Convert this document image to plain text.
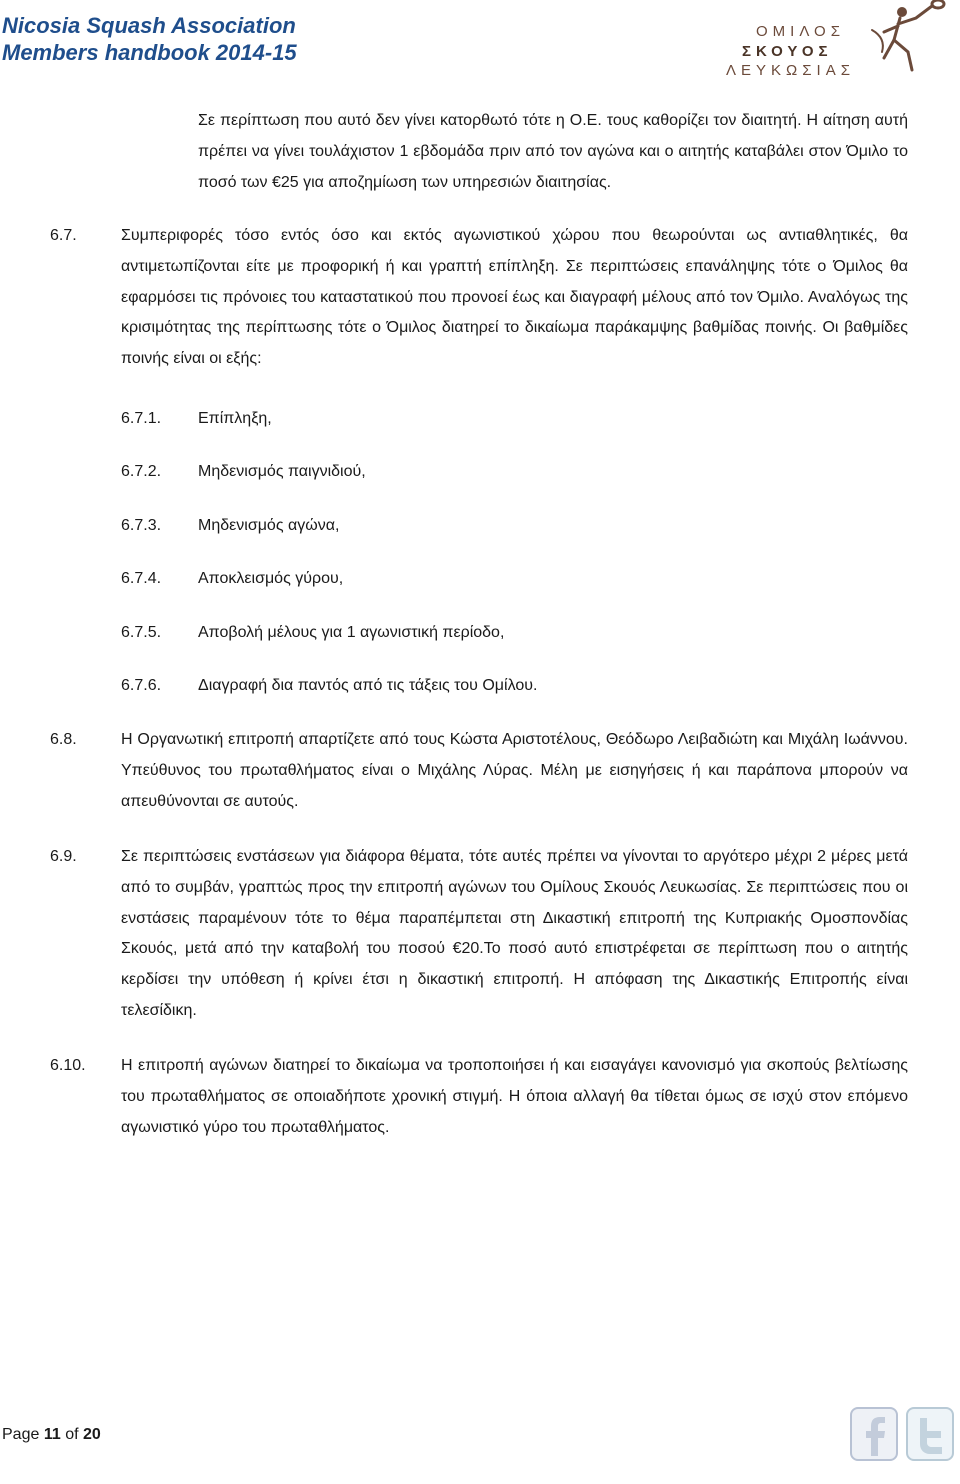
Nicosia Squash Association
Members handbook 2014-15
ΟΜΙΛΟΣ
ΣΚΟΥΟΣ
ΛΕΥΚΩΣΙΑΣ
Σε περίπτωση που αυτό δεν γίνει κατορθωτό τότε η Ο.Ε. τους καθορίζει τον διαιτητή. Η αίτηση αυτή πρέπει να γίνει τουλάχιστον 1 εβδομάδα πριν από τον αγώνα και ο αιτητής καταβάλει στον Όμιλο το ποσό των €25 για αποζημίωση των υπηρεσιών διαιτησίας.
6.7.	Συμπεριφορές τόσο εντός όσο και εκτός αγωνιστικού χώρου που θεωρούνται ως αντιαθλητικές, θα αντιμετωπίζονται είτε με προφορική ή και γραπτή επίπληξη. Σε περιπτώσεις επανάληψης τότε ο Όμιλος θα εφαρμόσει τις πρόνοιες του καταστατικού που προνοεί έως και διαγραφή μέλους από τον Όμιλο. Αναλόγως της κρισιμότητας της περίπτωσης τότε ο Όμιλος διατηρεί το δικαίωμα παράκαμψης βαθμίδας ποινής. Οι βαθμίδες ποινής είναι οι εξής:
6.7.1. Επίπληξη,
6.7.2. Μηδενισμός παιγνιδιού,
6.7.3. Μηδενισμός αγώνα,
6.7.4. Αποκλεισμός γύρου,
6.7.5. Αποβολή μέλους για 1 αγωνιστική περίοδο,
6.7.6. Διαγραφή δια παντός από τις τάξεις του Ομίλου.
6.8.	Η Οργανωτική επιτροπή απαρτίζετε από τους Κώστα Αριστοτέλους, Θεόδωρο Λειβαδιώτη και Μιχάλη Ιωάννου. Υπεύθυνος του πρωταθλήματος είναι ο Μιχάλης Λύρας. Μέλη με εισηγήσεις ή και παράπονα μπορούν να απευθύνονται σε αυτούς.
6.9.	Σε περιπτώσεις ενστάσεων για διάφορα θέματα, τότε αυτές πρέπει να γίνονται το αργότερο μέχρι 2 μέρες μετά από το συμβάν, γραπτώς προς την επιτροπή αγώνων του Ομίλους Σκουός Λευκωσίας. Σε περιπτώσεις που οι ενστάσεις παραμένουν τότε το θέμα παραπέμπεται στη Δικαστική επιτροπή της Κυπριακής Ομοσπονδίας Σκουός, μετά από την καταβολή του ποσού €20.Το ποσό αυτό επιστρέφεται σε περίπτωση που ο αιτητής κερδίσει την υπόθεση ή κρίνει έτσι η δικαστική επιτροπή. Η απόφαση της Δικαστικής Επιτροπής είναι τελεσίδικη.
6.10. Η επιτροπή αγώνων διατηρεί το δικαίωμα να τροποποιήσει ή και εισαγάγει κανονισμό για σκοπούς βελτίωσης του πρωταθλήματος σε οποιαδήποτε χρονική στιγμή. Η όποια αλλαγή θα τίθεται όμως σε ισχύ στον επόμενο αγωνιστικό γύρο του πρωταθλήματος.
Page 11 of 20
